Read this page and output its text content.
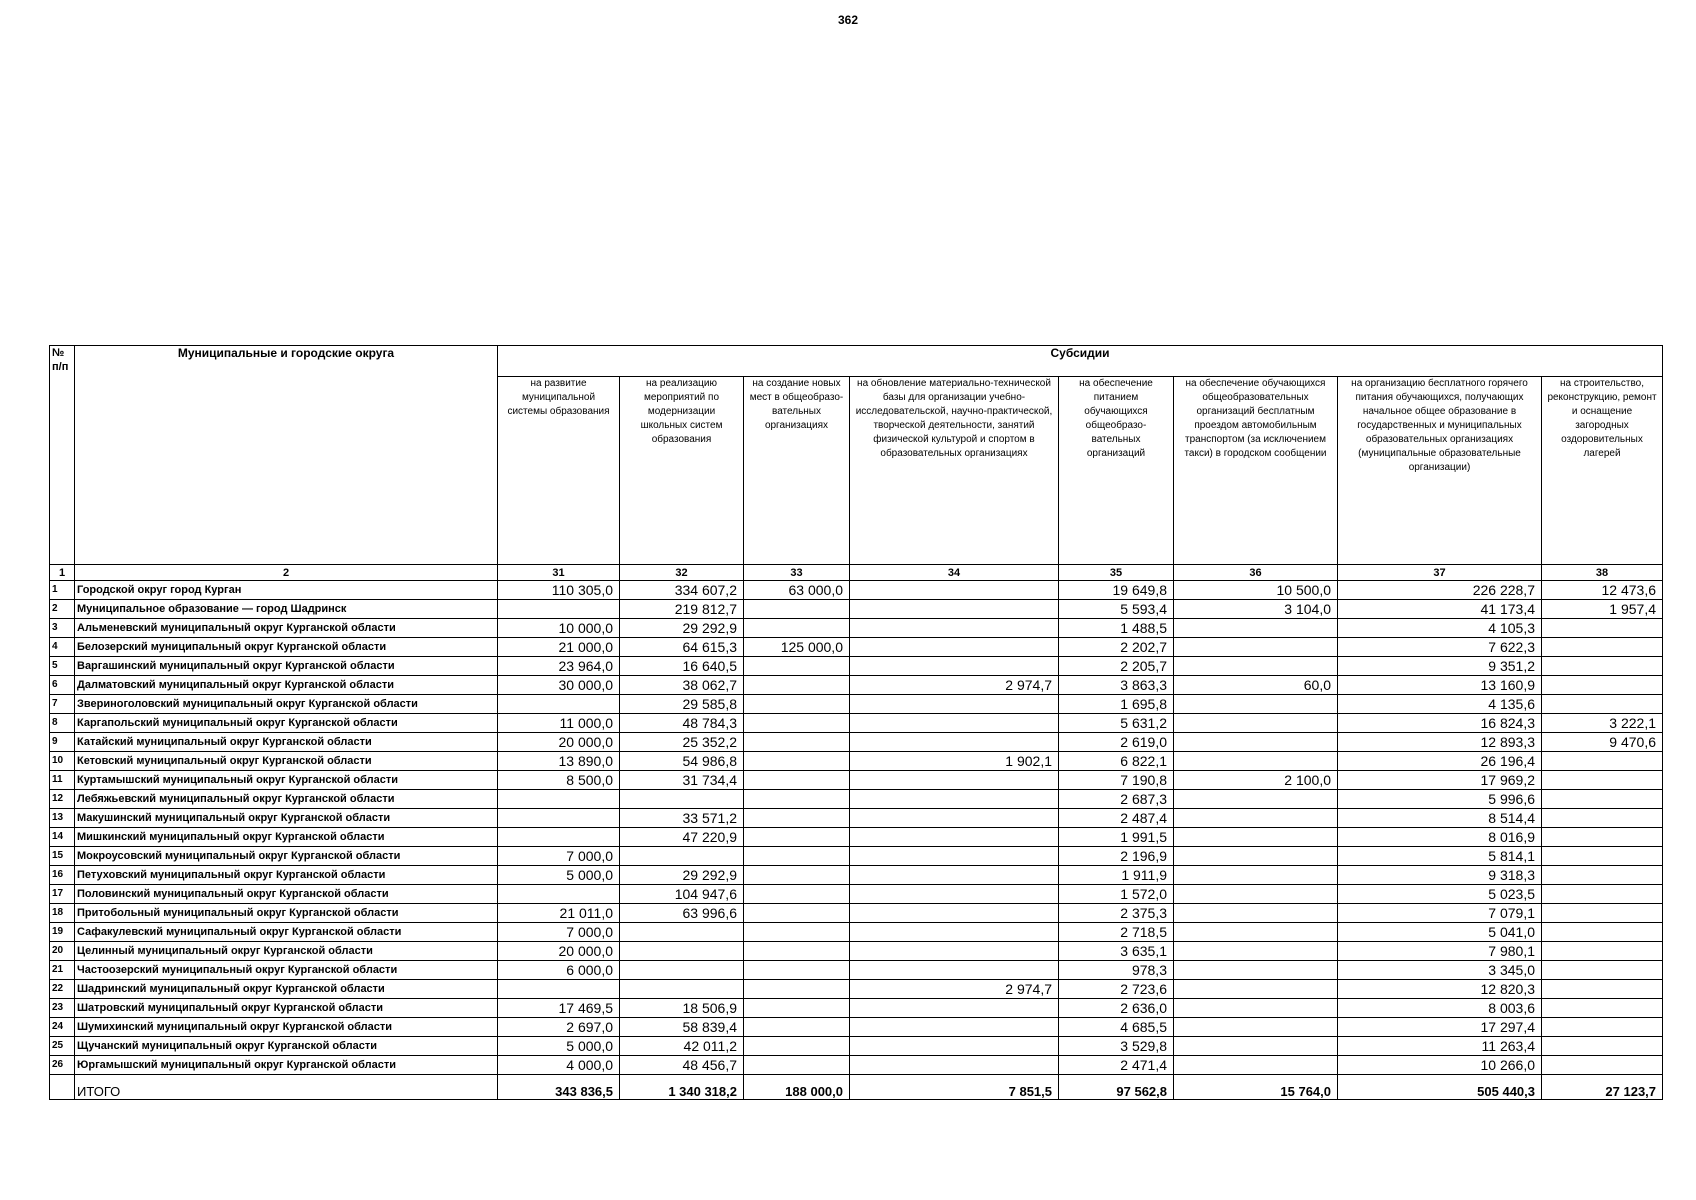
362
№ п/п	Муниципальные и городские округа	Субсидии							
		на развитие муниципальной системы образования	на реализацию мероприятий по модернизации школьных систем образования	на создание новых мест в общеобразо-вательных организациях	на обновление материально-технической базы для организации учебно-исследовательской, научно-практической, творческой деятельности, занятий физической культурой и спортом в образовательных организациях	на обеспечение питанием обучающихся общеобразо-вательных организаций	на обеспечение обучающихся общеобразовательных организаций бесплатным проездом автомобильным транспортом (за исключением такси) в городском сообщении	на организацию бесплатного горячего питания обучающихся, получающих начальное общее образование в государственных и муниципальных образовательных организациях (муниципальные образовательные организации)	на строительство, реконструкцию, ремонт и оснащение загородных оздоровительных лагерей
1	2	31	32	33	34	35	36	37	38
1	Городской округ город Курган	110 305,0	334 607,2	63 000,0		19 649,8	10 500,0	226 228,7	12 473,6
2	Муниципальное образование — город Шадринск		219 812,7			5 593,4	3 104,0	41 173,4	1 957,4
3	Альменевский муниципальный округ Курганской области	10 000,0	29 292,9			1 488,5		4 105,3	
4	Белозерский муниципальный округ Курганской области	21 000,0	64 615,3	125 000,0		2 202,7		7 622,3	
5	Варгашинский муниципальный округ Курганской области	23 964,0	16 640,5			2 205,7		9 351,2	
6	Далматовский муниципальный округ Курганской области	30 000,0	38 062,7		2 974,7	3 863,3	60,0	13 160,9	
7	Звериноголовский муниципальный округ Курганской области		29 585,8			1 695,8		4 135,6	
8	Каргапольский муниципальный округ Курганской области	11 000,0	48 784,3			5 631,2		16 824,3	3 222,1
9	Катайский муниципальный округ Курганской области	20 000,0	25 352,2			2 619,0		12 893,3	9 470,6
10	Кетовский муниципальный округ Курганской области	13 890,0	54 986,8		1 902,1	6 822,1		26 196,4	
11	Куртамышский муниципальный округ Курганской области	8 500,0	31 734,4			7 190,8	2 100,0	17 969,2	
12	Лебяжьевский муниципальный округ Курганской области					2 687,3		5 996,6	
13	Макушинский муниципальный округ Курганской области		33 571,2			2 487,4		8 514,4	
14	Мишкинский муниципальный округ Курганской области		47 220,9			1 991,5		8 016,9	
15	Мокроусовский муниципальный округ Курганской области	7 000,0				2 196,9		5 814,1	
16	Петуховский муниципальный округ Курганской области	5 000,0	29 292,9			1 911,9		9 318,3	
17	Половинский муниципальный округ Курганской области		104 947,6			1 572,0		5 023,5	
18	Притобольный муниципальный округ Курганской области	21 011,0	63 996,6			2 375,3		7 079,1	
19	Сафакулевский муниципальный округ Курганской области	7 000,0				2 718,5		5 041,0	
20	Целинный муниципальный округ Курганской области	20 000,0				3 635,1		7 980,1	
21	Частоозерский муниципальный округ Курганской области	6 000,0				978,3		3 345,0	
22	Шадринский муниципальный округ Курганской области				2 974,7	2 723,6		12 820,3	
23	Шатровский муниципальный округ Курганской области	17 469,5	18 506,9			2 636,0		8 003,6	
24	Шумихинский муниципальный округ Курганской области	2 697,0	58 839,4			4 685,5		17 297,4	
25	Щучанский муниципальный округ Курганской области	5 000,0	42 011,2			3 529,8		11 263,4	
26	Юргамышский муниципальный округ Курганской области	4 000,0	48 456,7			2 471,4		10 266,0	
	ИТОГО	343 836,5	1 340 318,2	188 000,0	7 851,5	97 562,8	15 764,0	505 440,3	27 123,7
